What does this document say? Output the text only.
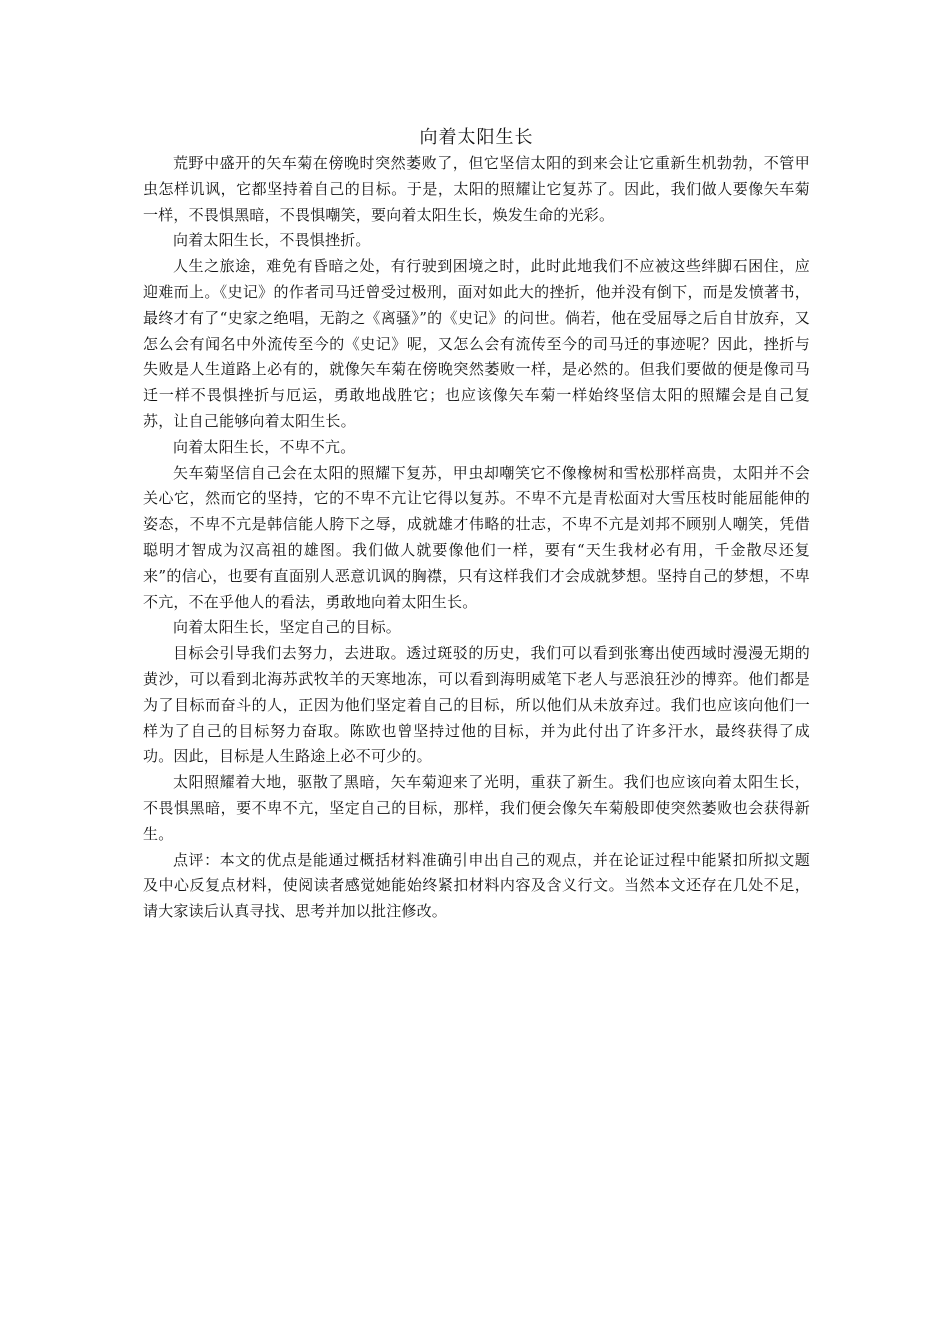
向着太阳生长

荒野中盛开的矢车菊在傍晚时突然萎败了，但它坚信太阳的到来会让它重新生机勃勃，不管甲虫怎样讥讽，它都坚持着自己的目标。于是，太阳的照耀让它复苏了。因此，我们做人要像矢车菊一样，不畏惧黑暗，不畏惧嘲笑，要向着太阳生长，焕发生命的光彩。

向着太阳生长，不畏惧挫折。

人生之旅途，难免有昏暗之处，有行驶到困境之时，此时此地我们不应被这些绊脚石困住，应迎难而上。《史记》的作者司马迁曾受过极刑，面对如此大的挫折，他并没有倒下，而是发愤著书，最终才有了“史家之绝唱，无韵之《离骚》”的《史记》的问世。倘若，他在受屈辱之后自甘放弃，又怎么会有闻名中外流传至今的《史记》呢，又怎么会有流传至今的司马迁的事迹呢？因此，挫折与失败是人生道路上必有的，就像矢车菊在傍晚突然萎败一样，是必然的。但我们要做的便是像司马迁一样不畏惧挫折与厄运，勇敢地战胜它；也应该像矢车菊一样始终坚信太阳的照耀会是自己复苏，让自己能够向着太阳生长。

向着太阳生长，不卑不亢。

矢车菊坚信自己会在太阳的照耀下复苏，甲虫却嘲笑它不像橡树和雪松那样高贵，太阳并不会关心它，然而它的坚持，它的不卑不亢让它得以复苏。不卑不亢是青松面对大雪压枝时能屈能伸的姿态，不卑不亢是韩信能人胯下之辱，成就雄才伟略的壮志，不卑不亢是刘邦不顾别人嘲笑，凭借聪明才智成为汉高祖的雄图。我们做人就要像他们一样，要有“天生我材必有用，千金散尽还复来”的信心，也要有直面别人恶意讥讽的胸襟，只有这样我们才会成就梦想。坚持自己的梦想，不卑不亢，不在乎他人的看法，勇敢地向着太阳生长。

向着太阳生长，坚定自己的目标。

目标会引导我们去努力，去进取。透过斑驳的历史，我们可以看到张骞出使西域时漫漫无期的黄沙，可以看到北海苏武牧羊的天寒地冻，可以看到海明威笔下老人与恶浪狂沙的博弈。他们都是为了目标而奋斗的人，正因为他们坚定着自己的目标，所以他们从未放弃过。我们也应该向他们一样为了自己的目标努力奋取。陈欧也曾坚持过他的目标，并为此付出了许多汗水，最终获得了成功。因此，目标是人生路途上必不可少的。

太阳照耀着大地，驱散了黑暗，矢车菊迎来了光明，重获了新生。我们也应该向着太阳生长，不畏惧黑暗，要不卑不亢，坚定自己的目标，那样，我们便会像矢车菊般即使突然萎败也会获得新生。

点评：本文的优点是能通过概括材料准确引申出自己的观点，并在论证过程中能紧扣所拟文题及中心反复点材料，使阅读者感觉她能始终紧扣材料内容及含义行文。当然本文还存在几处不足，请大家读后认真寻找、思考并加以批注修改。
